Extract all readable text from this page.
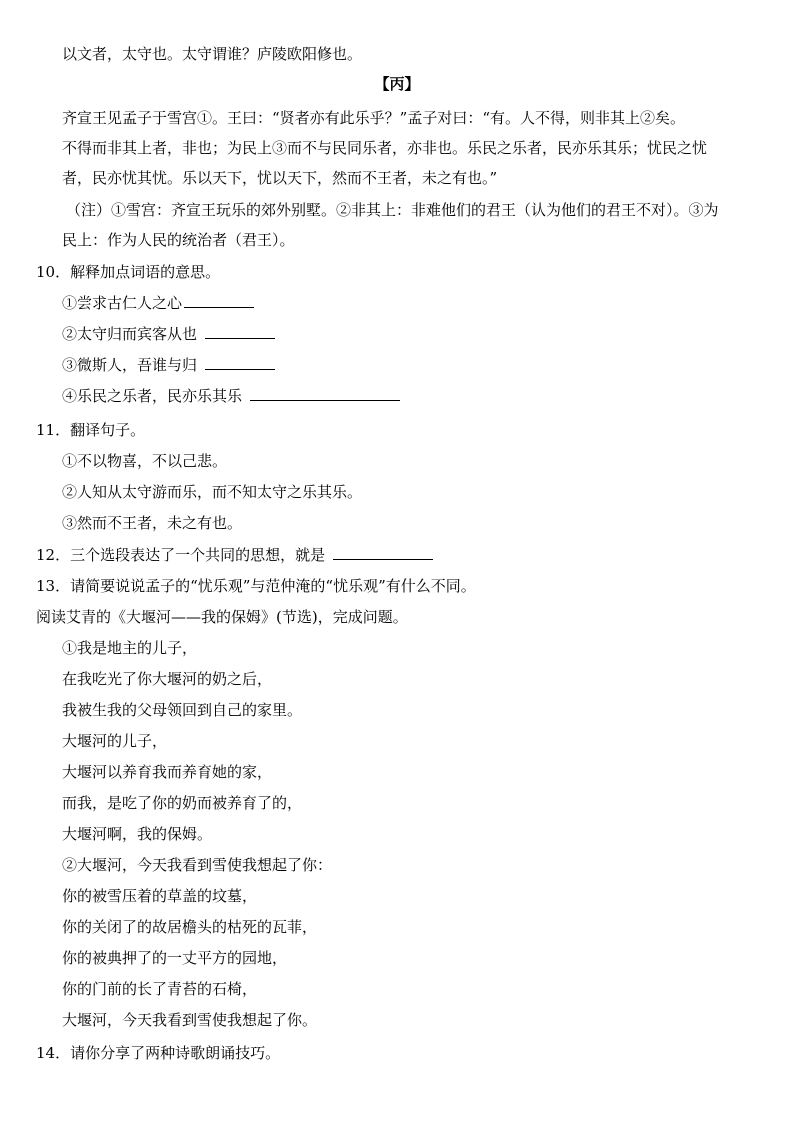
以文者，太守也。太守谓谁？庐陵欧阳修也。
【丙】
齐宣王见孟子于雪宫①。王曰：“贤者亦有此乐乎？”孟子对曰：“有。人不得，则非其上②矣。
不得而非其上者，非也；为民上③而不与民同乐者，亦非也。乐民之乐者，民亦乐其乐；忧民之忧
者，民亦忧其忧。乐以天下，忧以天下，然而不王者，未之有也。”
（注）①雪宫：齐宣王玩乐的郊外别墅。②非其上：非难他们的君王（认为他们的君王不对）。③为
民上：作为人民的统治者（君王）。
10．解释加点词语的意思。
①尝求古仁人之心
②太守归而宾客从也
③微斯人，吾谁与归
④乐民之乐者，民亦乐其乐
11．翻译句子。
①不以物喜，不以己悲。
②人知从太守游而乐，而不知太守之乐其乐。
③然而不王者，未之有也。
12．三个选段表达了一个共同的思想，就是
13．请简要说说孟子的“忧乐观”与范仲淹的“忧乐观”有什么不同。
阅读艾青的《大堰河——我的保姆》(节选)，完成问题。
①我是地主的儿子，
在我吃光了你大堰河的奶之后，
我被生我的父母领回到自己的家里。
大堰河的儿子，
大堰河以养育我而养育她的家，
而我，是吃了你的奶而被养育了的，
大堰河啊，我的保姆。
②大堰河，今天我看到雪使我想起了你：
你的被雪压着的草盖的坟墓，
你的关闭了的故居檐头的枯死的瓦菲，
你的被典押了的一丈平方的园地，
你的门前的长了青苔的石椅，
大堰河，今天我看到雪使我想起了你。
14．请你分享了两种诗歌朗诵技巧。
